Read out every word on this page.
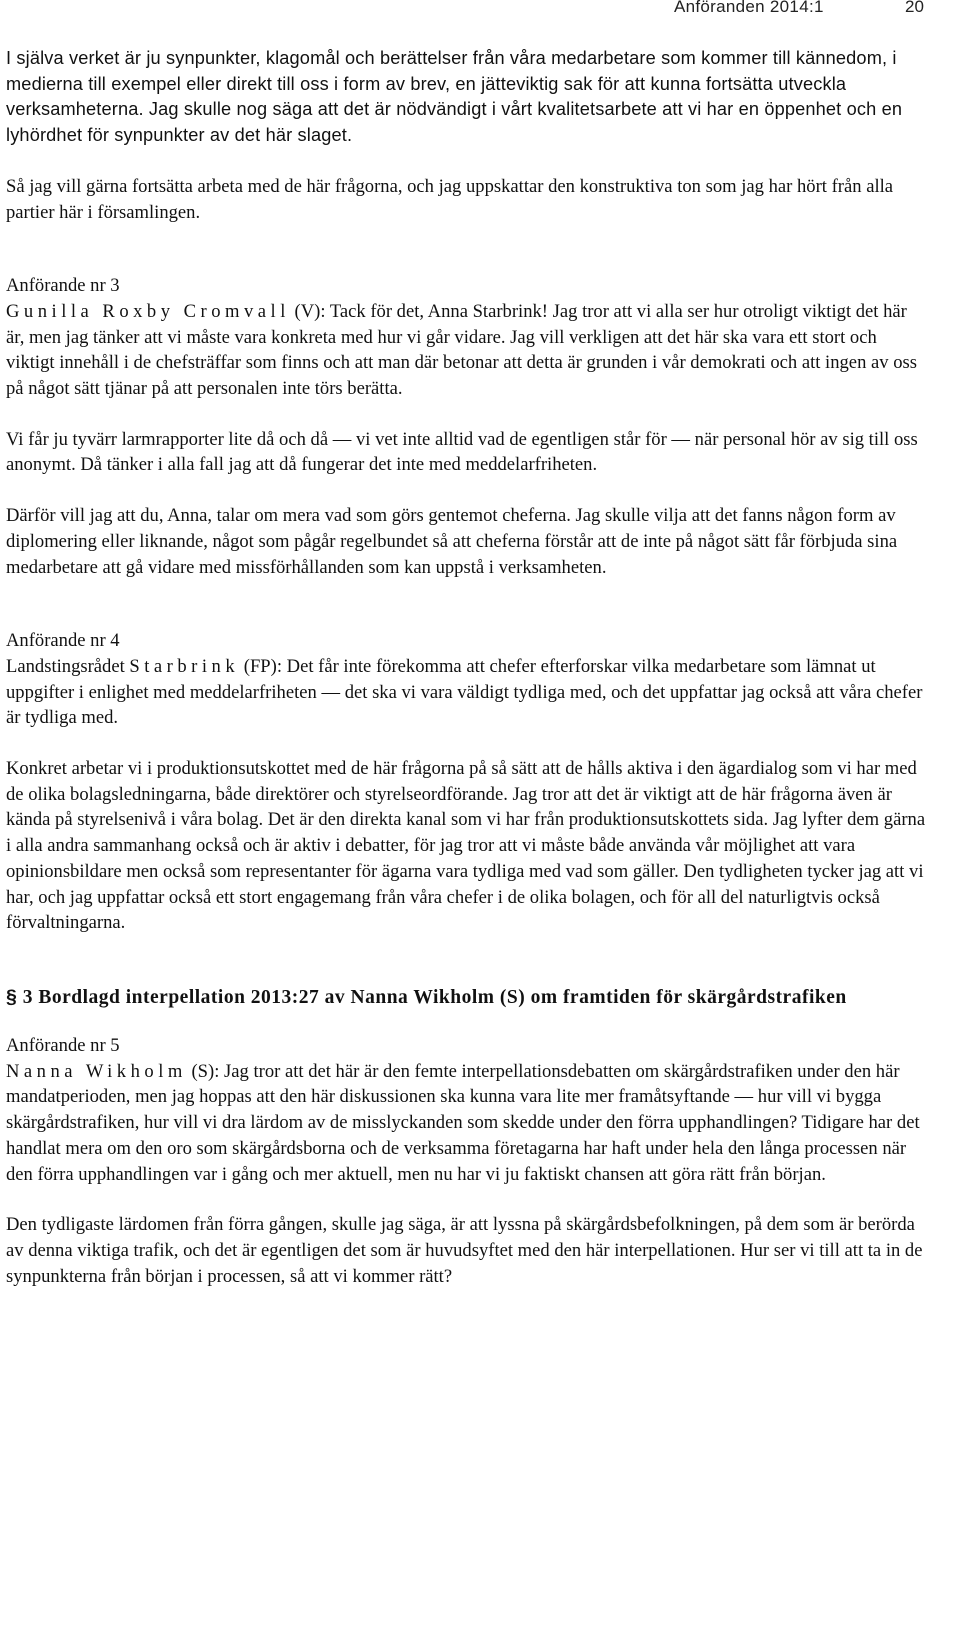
Anföranden 2014:1	20

I själva verket är ju synpunkter, klagomål och berättelser från våra medarbetare som kommer till kännedom, i medierna till exempel eller direkt till oss i form av brev, en jätteviktig sak för att kunna fortsätta utveckla verksamheterna. Jag skulle nog säga att det är nödvändigt i vårt kvalitetsarbete att vi har en öppenhet och en lyhördhet för synpunkter av det här slaget.

Så jag vill gärna fortsätta arbeta med de här frågorna, och jag uppskattar den konstruktiva ton som jag har hört från alla partier här i församlingen.

Anförande nr 3

Gunilla Roxby Cromvall (V): Tack för det, Anna Starbrink! Jag tror att vi alla ser hur otroligt viktigt det här är, men jag tänker att vi måste vara konkreta med hur vi går vidare. Jag vill verkligen att det här ska vara ett stort och viktigt innehåll i de chefsträffar som finns och att man där betonar att detta är grunden i vår demokrati och att ingen av oss på något sätt tjänar på att personalen inte törs berätta.

Vi får ju tyvärr larmrapporter lite då och då — vi vet inte alltid vad de egentligen står för — när personal hör av sig till oss anonymt. Då tänker i alla fall jag att då fungerar det inte med meddelarfriheten.

Därför vill jag att du, Anna, talar om mera vad som görs gentemot cheferna. Jag skulle vilja att det fanns någon form av diplomering eller liknande, något som pågår regelbundet så att cheferna förstår att de inte på något sätt får förbjuda sina medarbetare att gå vidare med missförhållanden som kan uppstå i verksamheten.

Anförande nr 4

Landstingsrådet Starbrink (FP): Det får inte förekomma att chefer efterforskar vilka medarbetare som lämnat ut uppgifter i enlighet med meddelarfriheten — det ska vi vara väldigt tydliga med, och det uppfattar jag också att våra chefer är tydliga med.

Konkret arbetar vi i produktionsutskottet med de här frågorna på så sätt att de hålls aktiva i den ägardialog som vi har med de olika bolagsledningarna, både direktörer och styrelseordförande. Jag tror att det är viktigt att de här frågorna även är kända på styrelsenivå i våra bolag. Det är den direkta kanal som vi har från produktionsutskottets sida. Jag lyfter dem gärna i alla andra sammanhang också och är aktiv i debatter, för jag tror att vi måste både använda vår möjlighet att vara opinionsbildare men också som representanter för ägarna vara tydliga med vad som gäller. Den tydligheten tycker jag att vi har, och jag uppfattar också ett stort engagemang från våra chefer i de olika bolagen, och för all del naturligtvis också förvaltningarna.

§ 3 Bordlagd interpellation 2013:27 av Nanna Wikholm (S) om framtiden för skärgårdstrafiken

Anförande nr 5

Nanna Wikholm (S): Jag tror att det här är den femte interpellationsdebatten om skärgårdstrafiken under den här mandatperioden, men jag hoppas att den här diskussionen ska kunna vara lite mer framåtsyftande — hur vill vi bygga skärgårdstrafiken, hur vill vi dra lärdom av de misslyckanden som skedde under den förra upphandlingen? Tidigare har det handlat mera om den oro som skärgårdsborna och de verksamma företagarna har haft under hela den långa processen när den förra upphandlingen var i gång och mer aktuell, men nu har vi ju faktiskt chansen att göra rätt från början.

Den tydligaste lärdomen från förra gången, skulle jag säga, är att lyssna på skärgårdsbefolkningen, på dem som är berörda av denna viktiga trafik, och det är egentligen det som är huvudsyftet med den här interpellationen. Hur ser vi till att ta in de synpunkterna från början i processen, så att vi kommer rätt?
